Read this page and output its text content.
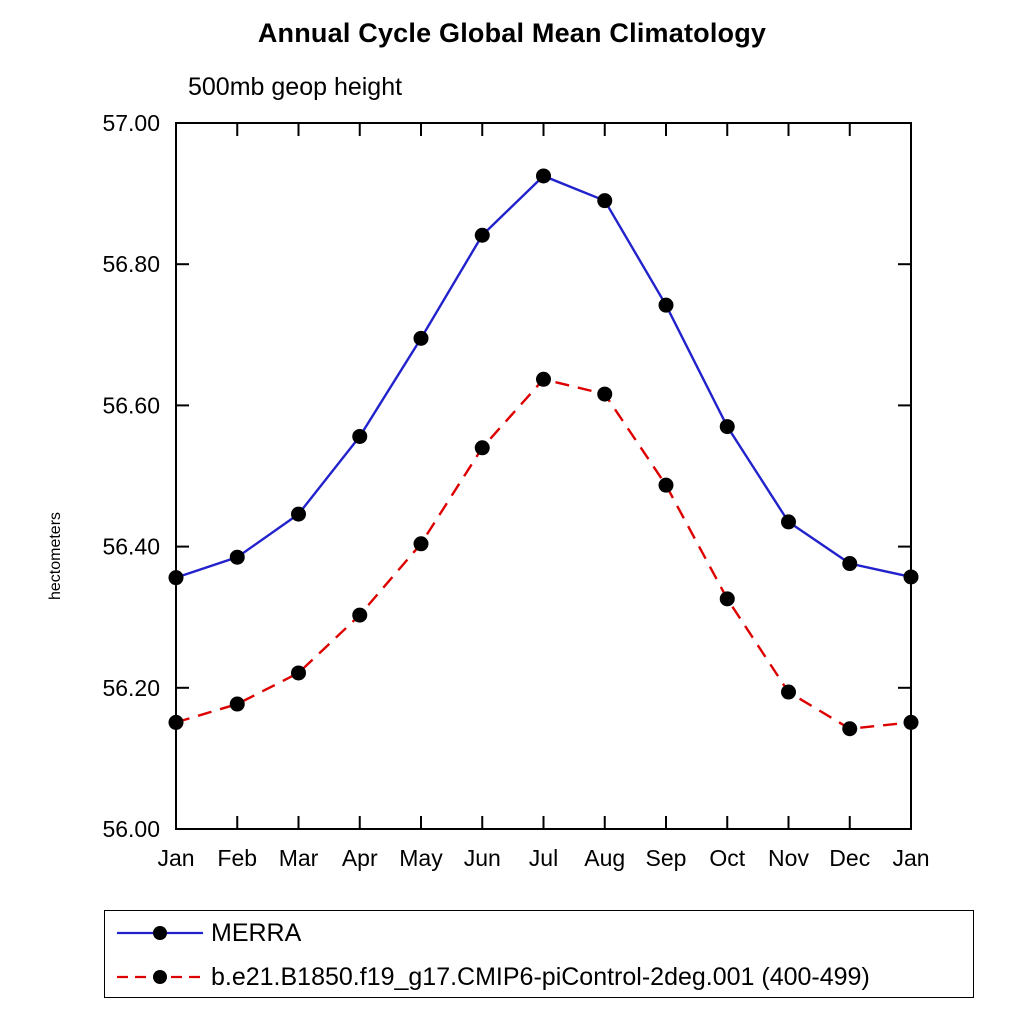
Annual Cycle Global Mean Climatology
500mb geop height
hectometers
56.00
56.20
56.40
56.60
56.80
57.00
Jan Feb Mar Apr May Jun Jul Aug Sep Oct Nov Dec Jan
MERRA
b.e21.B1850.f19_g17.CMIP6-piControl-2deg.001 (400-499)
